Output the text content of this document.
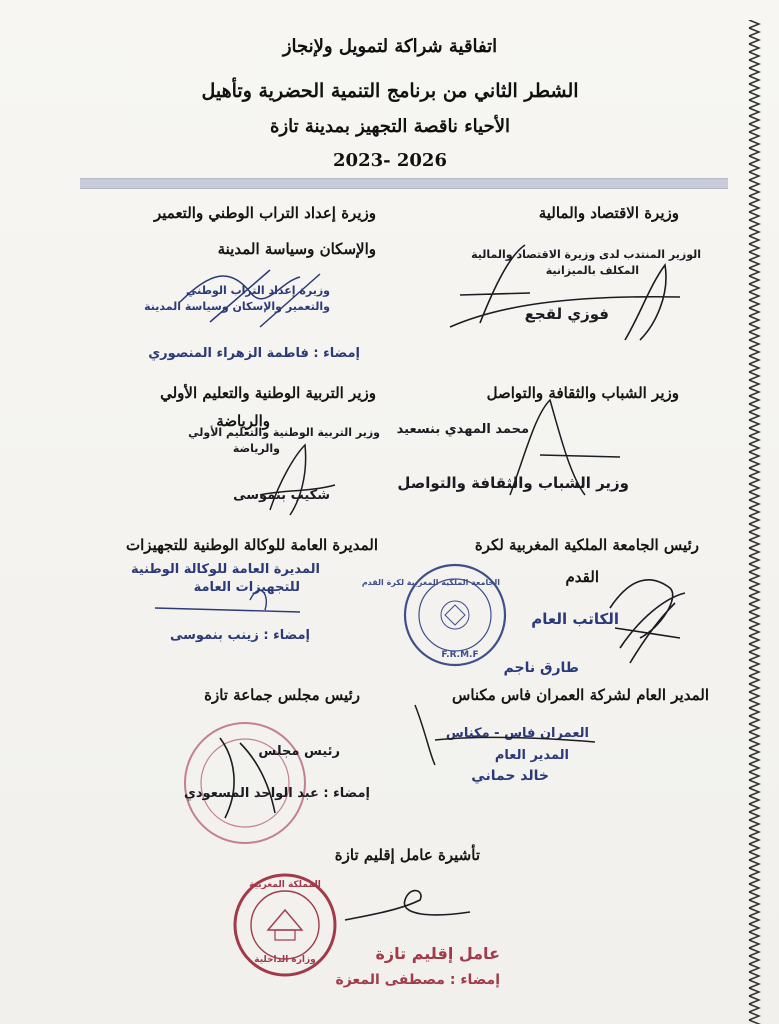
اتفاقية شراكة لتمويل ولإنجاز
الشطر الثاني من برنامج التنمية الحضرية وتأهيل
الأحياء ناقصة التجهيز بمدينة تازة
2023- 2026
وزيرة الاقتصاد والمالية
الوزير المنتدب لدى وزيرة الاقتصاد والمالية
المكلف بالميزانية
فوزي لقجع
وزيرة إعداد التراب الوطني والتعمير
والإسكان وسياسة المدينة
وزيرة إعداد التراب الوطني
والتعمير والإسكان وسياسة المدينة
إمضاء : فاطمة الزهراء المنصوري
وزير الشباب والثقافة والتواصل
محمد المهدي بنسعيد
وزير الشباب والثقافة والتواصل
وزير التربية الوطنية والتعليم الأولي
والرياضة
وزير التربية الوطنية والتعليم الأولي
والرياضة
شكيب بنموسى
رئيس الجامعة الملكية المغربية لكرة
القدم
الجامعة الملكية المغربية لكرة القدم
F.R.M.F
الكاتب العام
طارق ناجم
المديرة العامة للوكالة الوطنية للتجهيزات
المديرة العامة للوكالة الوطنية
للتجهيزات العامة
إمضاء : زينب بنموسى
المدير العام لشركة العمران فاس مكناس
العمران فاس - مكناس
المدير العام
خالد حماني
رئيس مجلس جماعة تازة
رئيس مجلس
إمضاء : عبد الواحد المسعودي
تأشيرة عامل إقليم تازة
المملكة المغربية
وزارة الداخلية	عامل إقليم تازة
إمضاء : مصطفى المعزة
